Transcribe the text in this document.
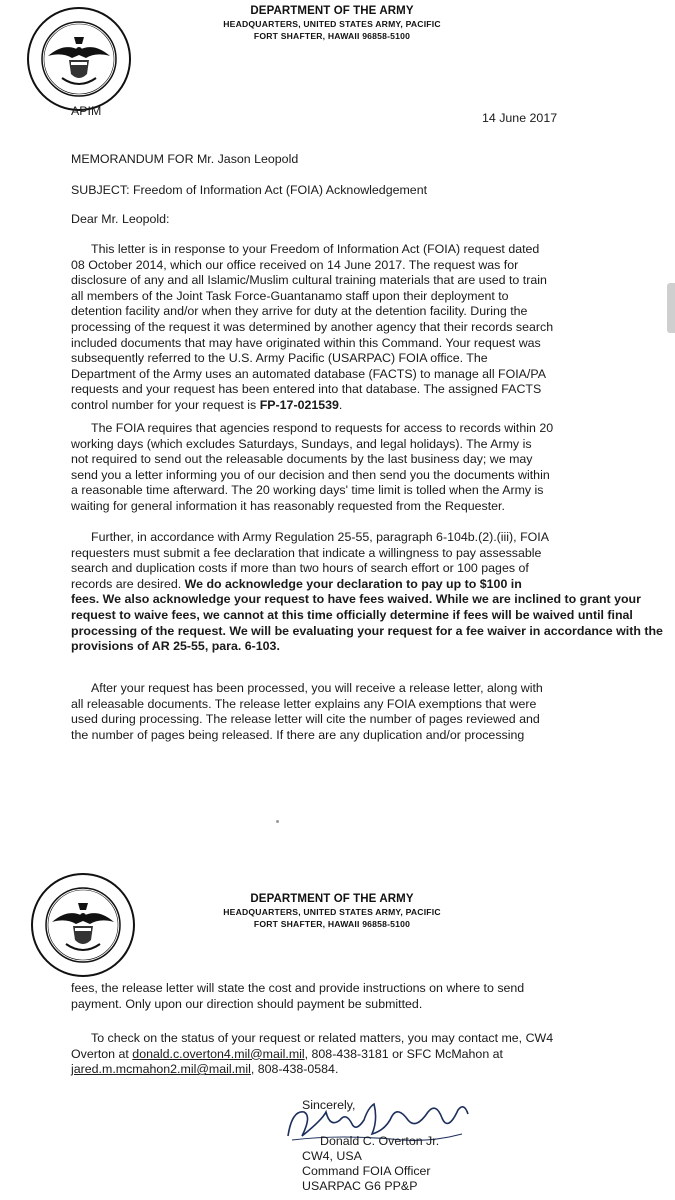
DEPARTMENT OF THE ARMY
HEADQUARTERS, UNITED STATES ARMY, PACIFIC
FORT SHAFTER, HAWAII 96858-5100
APIM	14 June 2017
MEMORANDUM FOR Mr. Jason Leopold
SUBJECT: Freedom of Information Act (FOIA) Acknowledgement
Dear Mr. Leopold:
This letter is in response to your Freedom of Information Act (FOIA) request dated
08 October 2014, which our office received on 14 June 2017. The request was for
disclosure of any and all Islamic/Muslim cultural training materials that are used to train
all members of the Joint Task Force-Guantanamo staff upon their deployment to
detention facility and/or when they arrive for duty at the detention facility. During the
processing of the request it was determined by another agency that their records search
included documents that may have originated within this Command. Your request was
subsequently referred to the U.S. Army Pacific (USARPAC) FOIA office. The
Department of the Army uses an automated database (FACTS) to manage all FOIA/PA
requests and your request has been entered into that database. The assigned FACTS
control number for your request is FP-17-021539.
The FOIA requires that agencies respond to requests for access to records within 20
working days (which excludes Saturdays, Sundays, and legal holidays). The Army is
not required to send out the releasable documents by the last business day; we may
send you a letter informing you of our decision and then send you the documents within
a reasonable time afterward. The 20 working days' time limit is tolled when the Army is
waiting for general information it has reasonably requested from the Requester.
Further, in accordance with Army Regulation 25-55, paragraph 6-104b.(2).(iii), FOIA
requesters must submit a fee declaration that indicate a willingness to pay assessable
search and duplication costs if more than two hours of search effort or 100 pages of
records are desired. We do acknowledge your declaration to pay up to $100 in
fees. We also acknowledge your request to have fees waived. While we are inclined to grant your request to waive fees, we cannot at this time officially determine if fees will be waived until final processing of the request. We will be evaluating your request for a fee waiver in accordance with the provisions of AR 25-55, para. 6-103.
After your request has been processed, you will receive a release letter, along with
all releasable documents. The release letter explains any FOIA exemptions that were
used during processing. The release letter will cite the number of pages reviewed and
the number of pages being released. If there are any duplication and/or processing
DEPARTMENT OF THE ARMY
HEADQUARTERS, UNITED STATES ARMY, PACIFIC
FORT SHAFTER, HAWAII 96858-5100
fees, the release letter will state the cost and provide instructions on where to send
payment. Only upon our direction should payment be submitted.
To check on the status of your request or related matters, you may contact me, CW4
Overton at donald.c.overton4.mil@mail.mil, 808-438-3181 or SFC McMahon at
jared.m.mcmahon2.mil@mail.mil, 808-438-0584.
Sincerely,
Donald C. Overton Jr.
CW4, USA
Command FOIA Officer
USARPAC G6 PP&P
